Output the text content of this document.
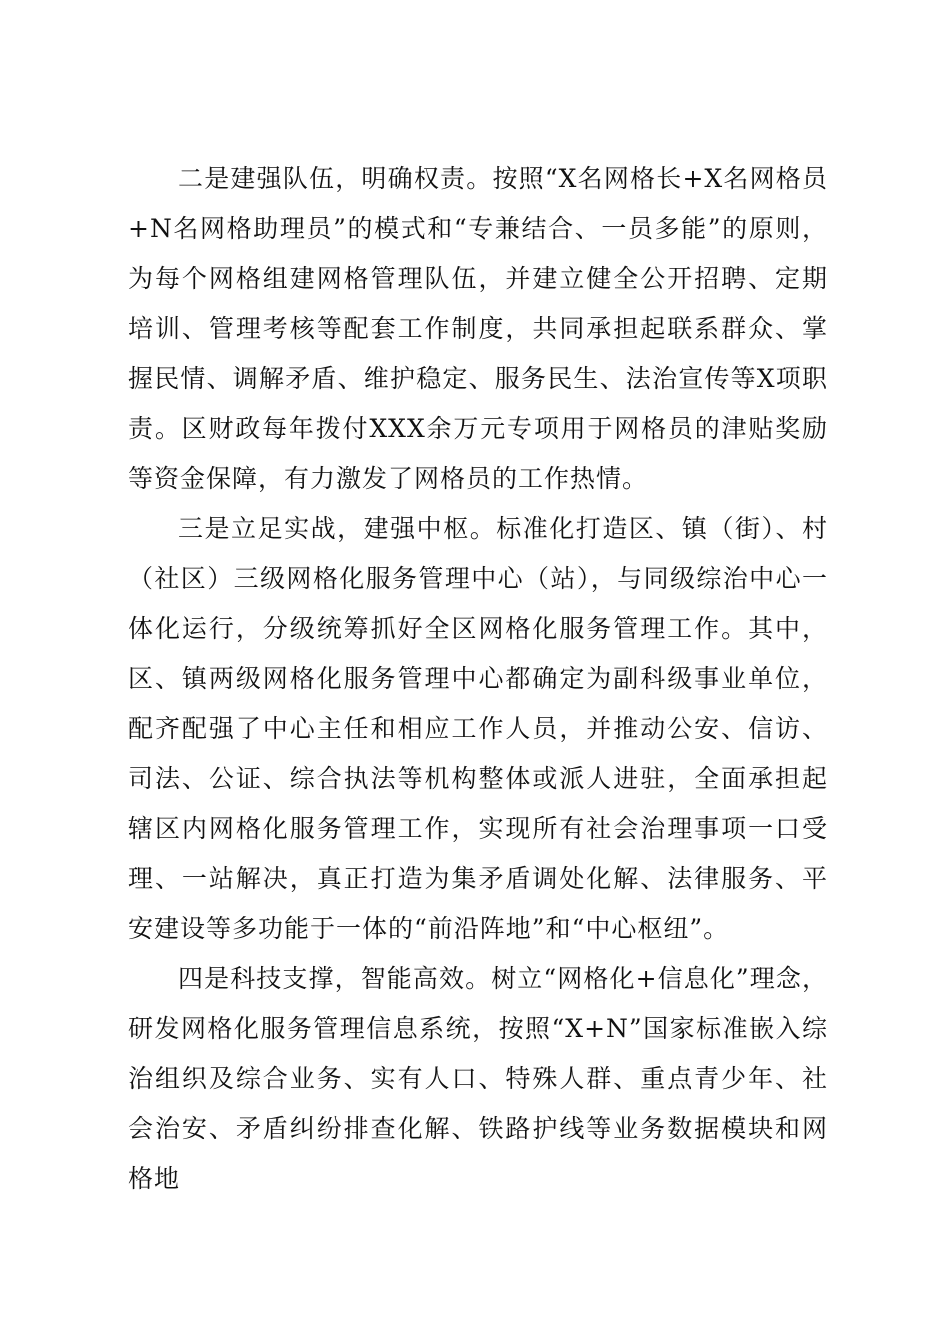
二是建强队伍，明确权责。按照“X名网格长+X名网格员+N名网格助理员”的模式和“专兼结合、一员多能”的原则，为每个网格组建网格管理队伍，并建立健全公开招聘、定期培训、管理考核等配套工作制度，共同承担起联系群众、掌握民情、调解矛盾、维护稳定、服务民生、法治宣传等X项职责。区财政每年拨付XXX余万元专项用于网格员的津贴奖励等资金保障，有力激发了网格员的工作热情。

三是立足实战，建强中枢。标准化打造区、镇（街）、村（社区）三级网格化服务管理中心（站），与同级综治中心一体化运行，分级统筹抓好全区网格化服务管理工作。其中，区、镇两级网格化服务管理中心都确定为副科级事业单位，配齐配强了中心主任和相应工作人员，并推动公安、信访、司法、公证、综合执法等机构整体或派人进驻，全面承担起辖区内网格化服务管理工作，实现所有社会治理事项一口受理、一站解决，真正打造为集矛盾调处化解、法律服务、平安建设等多功能于一体的“前沿阵地”和“中心枢纽”。

四是科技支撑，智能高效。树立“网格化+信息化”理念，研发网格化服务管理信息系统，按照“X+N”国家标准嵌入综治组织及综合业务、实有人口、特殊人群、重点青少年、社会治安、矛盾纠纷排查化解、铁路护线等业务数据模块和网格地
